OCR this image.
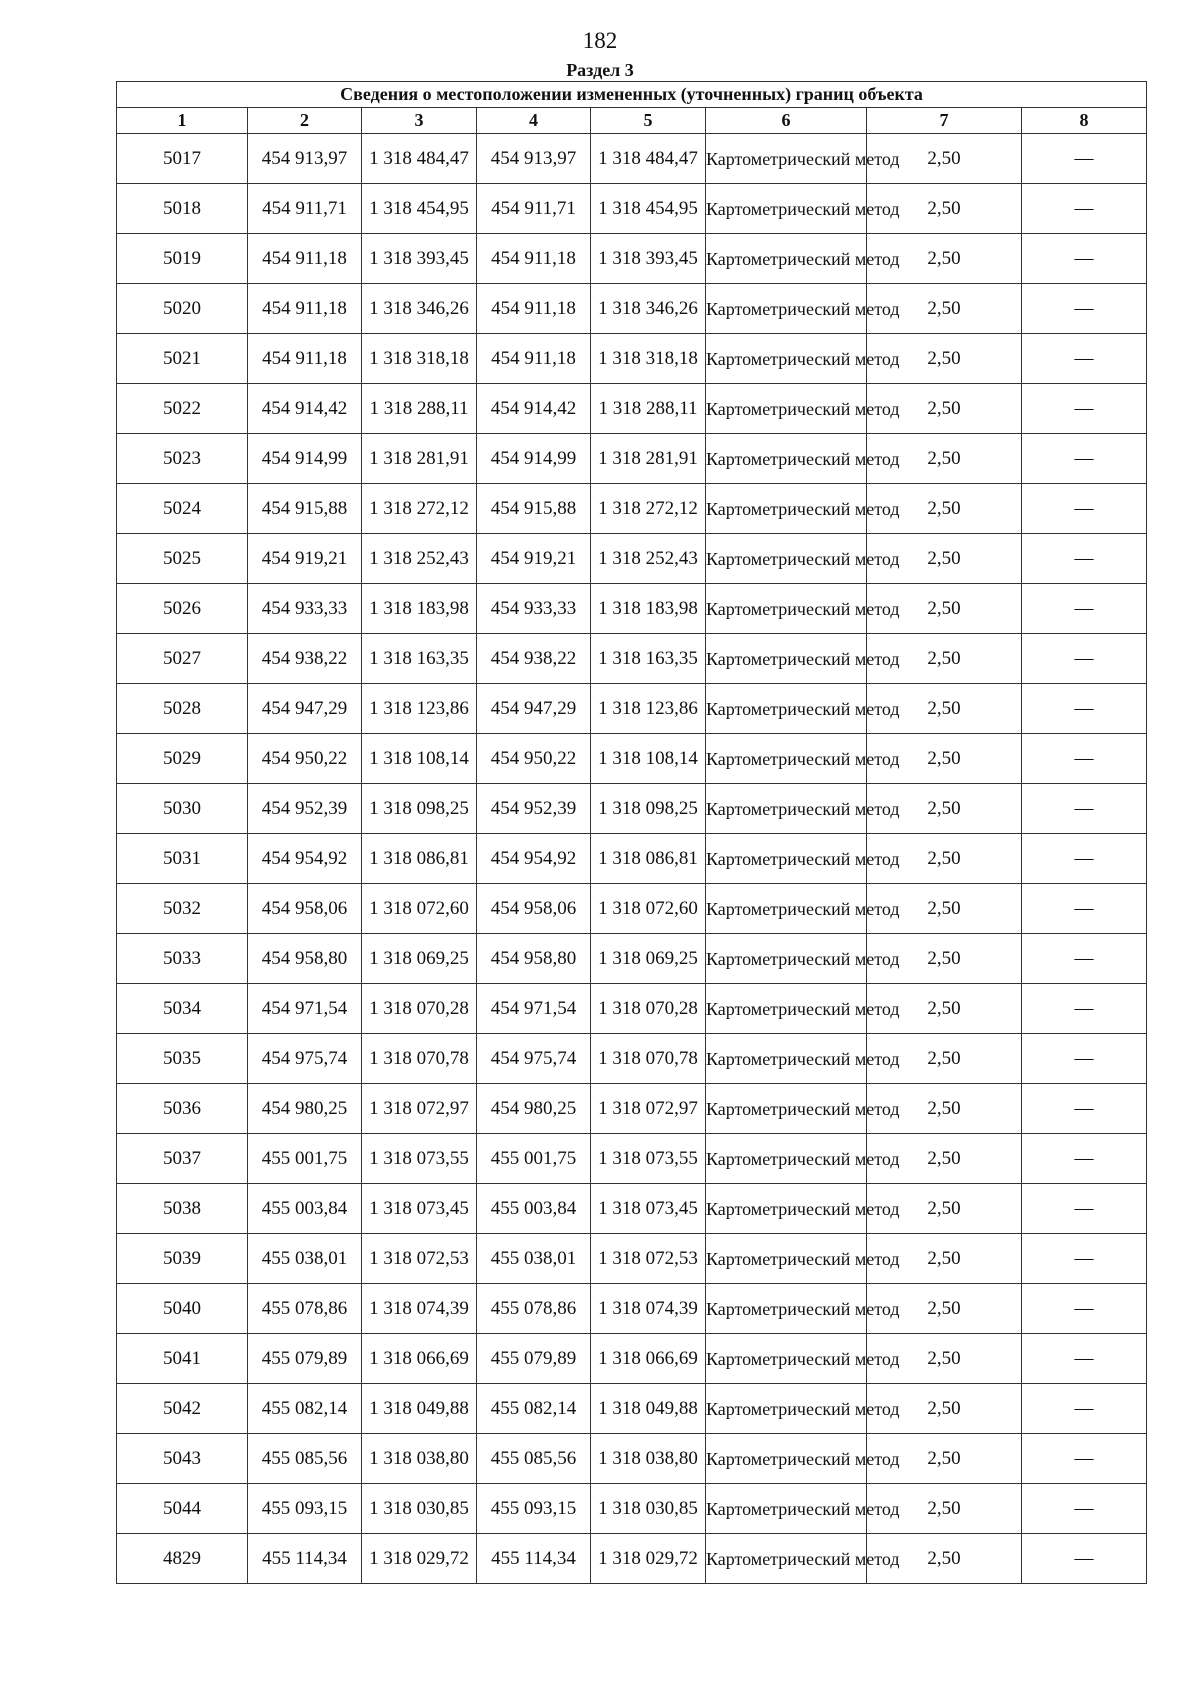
182
Раздел 3
Сведения о местоположении измененных (уточненных) границ объекта							
1	2	3	4	5	6	7	8
5017	454 913,97	1 318 484,47	454 913,97	1 318 484,47	Картометрический метод	2,50	—
5018	454 911,71	1 318 454,95	454 911,71	1 318 454,95	Картометрический метод	2,50	—
5019	454 911,18	1 318 393,45	454 911,18	1 318 393,45	Картометрический метод	2,50	—
5020	454 911,18	1 318 346,26	454 911,18	1 318 346,26	Картометрический метод	2,50	—
5021	454 911,18	1 318 318,18	454 911,18	1 318 318,18	Картометрический метод	2,50	—
5022	454 914,42	1 318 288,11	454 914,42	1 318 288,11	Картометрический метод	2,50	—
5023	454 914,99	1 318 281,91	454 914,99	1 318 281,91	Картометрический метод	2,50	—
5024	454 915,88	1 318 272,12	454 915,88	1 318 272,12	Картометрический метод	2,50	—
5025	454 919,21	1 318 252,43	454 919,21	1 318 252,43	Картометрический метод	2,50	—
5026	454 933,33	1 318 183,98	454 933,33	1 318 183,98	Картометрический метод	2,50	—
5027	454 938,22	1 318 163,35	454 938,22	1 318 163,35	Картометрический метод	2,50	—
5028	454 947,29	1 318 123,86	454 947,29	1 318 123,86	Картометрический метод	2,50	—
5029	454 950,22	1 318 108,14	454 950,22	1 318 108,14	Картометрический метод	2,50	—
5030	454 952,39	1 318 098,25	454 952,39	1 318 098,25	Картометрический метод	2,50	—
5031	454 954,92	1 318 086,81	454 954,92	1 318 086,81	Картометрический метод	2,50	—
5032	454 958,06	1 318 072,60	454 958,06	1 318 072,60	Картометрический метод	2,50	—
5033	454 958,80	1 318 069,25	454 958,80	1 318 069,25	Картометрический метод	2,50	—
5034	454 971,54	1 318 070,28	454 971,54	1 318 070,28	Картометрический метод	2,50	—
5035	454 975,74	1 318 070,78	454 975,74	1 318 070,78	Картометрический метод	2,50	—
5036	454 980,25	1 318 072,97	454 980,25	1 318 072,97	Картометрический метод	2,50	—
5037	455 001,75	1 318 073,55	455 001,75	1 318 073,55	Картометрический метод	2,50	—
5038	455 003,84	1 318 073,45	455 003,84	1 318 073,45	Картометрический метод	2,50	—
5039	455 038,01	1 318 072,53	455 038,01	1 318 072,53	Картометрический метод	2,50	—
5040	455 078,86	1 318 074,39	455 078,86	1 318 074,39	Картометрический метод	2,50	—
5041	455 079,89	1 318 066,69	455 079,89	1 318 066,69	Картометрический метод	2,50	—
5042	455 082,14	1 318 049,88	455 082,14	1 318 049,88	Картометрический метод	2,50	—
5043	455 085,56	1 318 038,80	455 085,56	1 318 038,80	Картометрический метод	2,50	—
5044	455 093,15	1 318 030,85	455 093,15	1 318 030,85	Картометрический метод	2,50	—
4829	455 114,34	1 318 029,72	455 114,34	1 318 029,72	Картометрический метод	2,50	—
